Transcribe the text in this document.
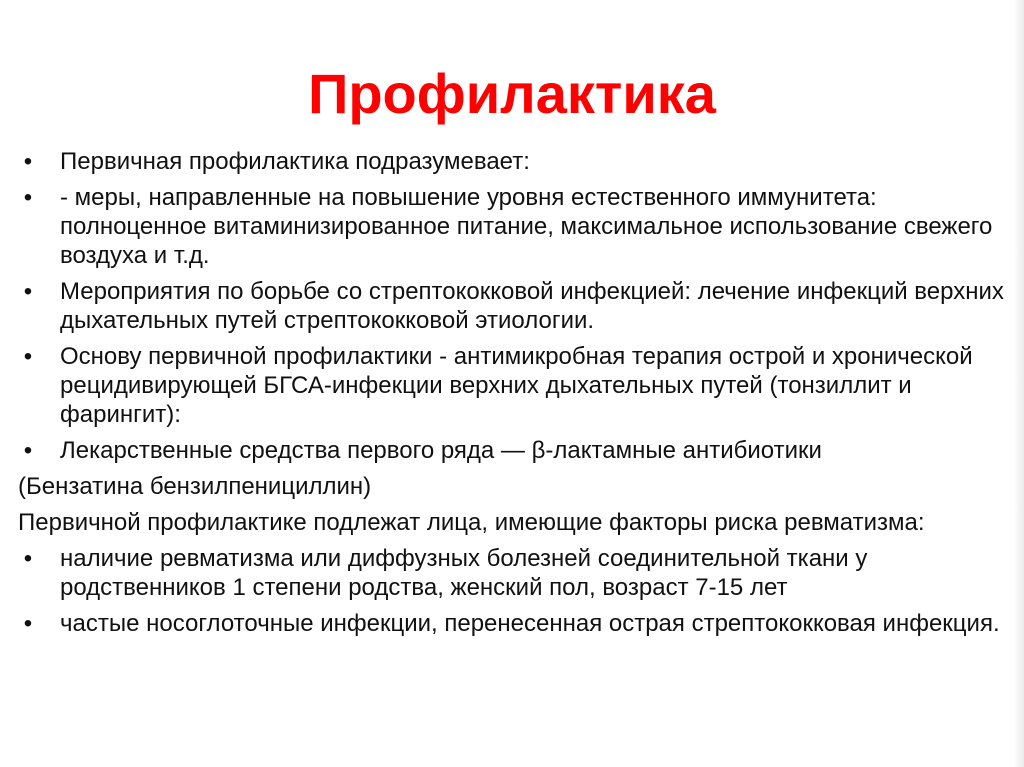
Профилактика
• Первичная профилактика подразумевает:
• - меры, направленные на повышение уровня естественного иммунитета: полноценное витаминизированное питание, максимальное использование свежего воздуха и т.д.
• Мероприятия по борьбе со стрептококковой инфекцией: лечение инфекций верхних дыхательных путей стрептококковой этиологии.
• Основу первичной профилактики - антимикробная терапия острой и хронической рецидивирующей БГСА-инфекции верхних дыхательных путей (тонзиллит и фарингит):
• Лекарственные средства первого ряда — β-лактамные антибиотики
(Бензатина бензилпенициллин)
Первичной профилактике подлежат лица, имеющие факторы риска ревматизма:
• наличие ревматизма или диффузных болезней соединительной ткани у родственников 1 степени родства, женский пол, возраст 7-15 лет
• частые носоглоточные инфекции, перенесенная острая стрептококковая инфекция.
